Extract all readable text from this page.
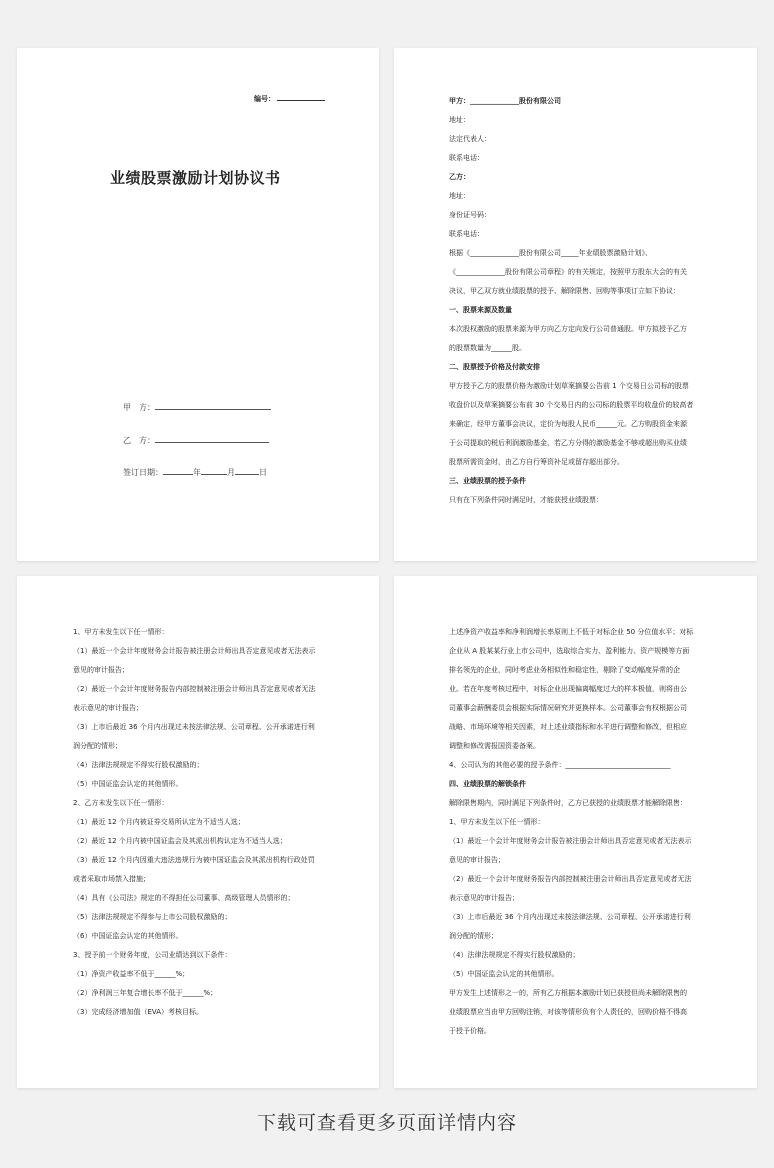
编号：
业绩股票激励计划协议书
甲　方：
乙　方：
签订日期：	年	月	日
甲方：______________股份有限公司
地址：
法定代表人：
联系电话：
乙方：
地址：
身份证号码：
联系电话：
根据《______________股份有限公司_____年业绩股票激励计划》、
《______________股份有限公司章程》的有关规定，按照甲方股东大会的有关
决议，甲乙双方就业绩股票的授予、解除限售、回购等事项订立如下协议：
一、股票来源及数量
本次股权激励的股票来源为甲方向乙方定向发行公司普通股。甲方拟授予乙方
的股票数量为______股。
二、股票授予价格及付款安排
甲方授予乙方的股票价格为激励计划草案摘要公告前 1 个交易日公司标的股票
收盘价以及草案摘要公布前 30 个交易日内的公司标的股票平均收盘价的较高者
来确定，经甲方董事会决议，定价为每股人民币______元。乙方购股资金来源
于公司提取的税后利润激励基金，若乙方分得的激励基金不够或超出购买业绩
股票所需资金时，由乙方自行筹资补足或留存超出部分。
三、业绩股票的授予条件
只有在下列条件同时满足时，才能获授业绩股票：
1、甲方未发生以下任一情形：
（1）最近一个会计年度财务会计报告被注册会计师出具否定意见或者无法表示
意见的审计报告；
（2）最近一个会计年度财务报告内部控制被注册会计师出具否定意见或者无法
表示意见的审计报告；
（3）上市后最近 36 个月内出现过未按法律法规、公司章程、公开承诺进行利
润分配的情形；
（4）法律法规规定不得实行股权激励的；
（5）中国证监会认定的其他情形。
2、乙方未发生以下任一情形：
（1）最近 12 个月内被证券交易所认定为不适当人选；
（2）最近 12 个月内被中国证监会及其派出机构认定为不适当人选；
（3）最近 12 个月内因重大违法违规行为被中国证监会及其派出机构行政处罚
或者采取市场禁入措施；
（4）具有《公司法》规定的不得担任公司董事、高级管理人员情形的；
（5）法律法规规定不得参与上市公司股权激励的；
（6）中国证监会认定的其他情形。
3、授予前一个财务年度，公司业绩达到以下条件：
（1）净资产收益率不低于______%；
（2）净利润三年复合增长率不低于______%；
（3）完成经济增加值（EVA）考核目标。
上述净资产收益率和净利润增长率原则上不低于对标企业 50 分位值水平；对标
企业从 A 股某某行业上市公司中，选取综合实力、盈利能力、资产规模等方面
排名领先的企业，同时考虑业务相似性和稳定性，剔除了变动幅度异常的企
业。若在年度考核过程中，对标企业出现偏离幅度过大的样本极值，则将由公
司董事会薪酬委员会根据实际情况研究并更换样本。公司董事会有权根据公司
战略、市场环境等相关因素，对上述业绩指标和水平进行调整和修改，但相应
调整和修改需报国资委备案。
4、公司认为的其他必要的授予条件：______________________________
四、业绩股票的解锁条件
解除限售期内，同时满足下列条件时，乙方已获授的业绩股票才能解除限售：
1、甲方未发生以下任一情形：
（1）最近一个会计年度财务会计报告被注册会计师出具否定意见或者无法表示
意见的审计报告；
（2）最近一个会计年度财务报告内部控制被注册会计师出具否定意见或者无法
表示意见的审计报告；
（3）上市后最近 36 个月内出现过未按法律法规、公司章程、公开承诺进行利
润分配的情形；
（4）法律法规规定不得实行股权激励的；
（5）中国证监会认定的其他情形。
甲方发生上述情形之一的，所有乙方根据本激励计划已获授但尚未解除限售的
业绩股票应当由甲方回购注销，对该等情形负有个人责任的，回购价格不得高
于授予价格。
下载可查看更多页面详情内容
